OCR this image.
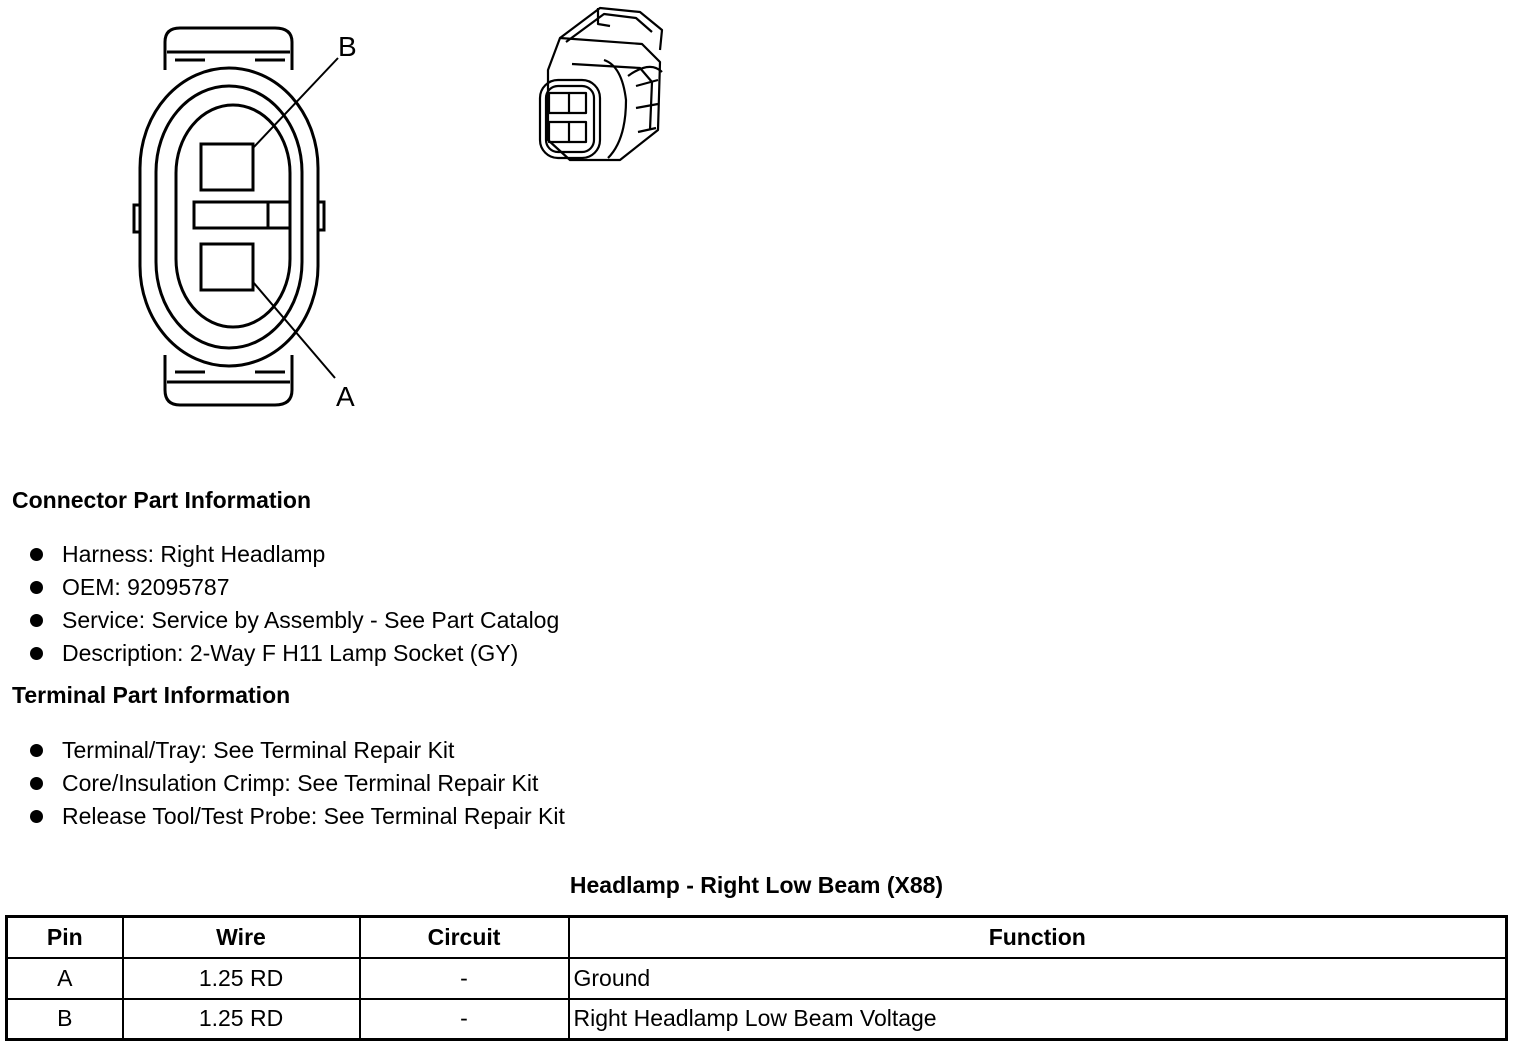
B
A
Connector Part Information
Harness: Right Headlamp
OEM: 92095787
Service: Service by Assembly - See Part Catalog
Description: 2-Way F H11 Lamp Socket (GY)
Terminal Part Information
Terminal/Tray: See Terminal Repair Kit
Core/Insulation Crimp: See Terminal Repair Kit
Release Tool/Test Probe: See Terminal Repair Kit
Headlamp - Right Low Beam (X88)
Pin	Wire	Circuit	Function
A	1.25 RD	-	Ground
B	1.25 RD	-	Right Headlamp Low Beam Voltage
